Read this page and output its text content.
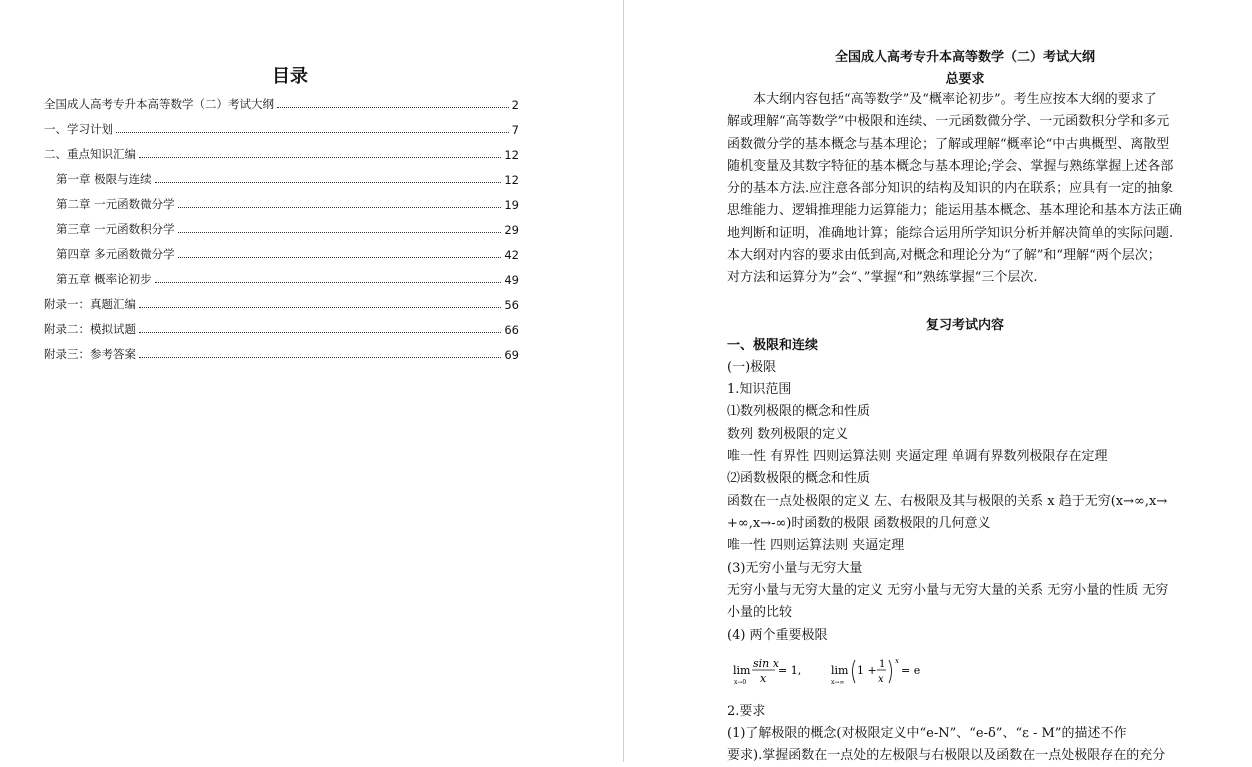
目录
全国成人高考专升本高等数学（二）考试大纲	2
一、学习计划	7
二、重点知识汇编	12
第一章 极限与连续	12
第二章 一元函数微分学	19
第三章 一元函数积分学	29
第四章 多元函数微分学	42
第五章 概率论初步	49
附录一：真题汇编	56
附录二：模拟试题	66
附录三：参考答案	69
全国成人高考专升本高等数学（二）考试大纲
总要求
本大纲内容包括“高等数学”及“概率论初步”。考生应按本大纲的要求了
解或理解“高等数学”中极限和连续、一元函数微分学、一元函数积分学和多元
函数微分学的基本概念与基本理论；了解或理解“概率论“中古典概型、离散型
随机变量及其数字特征的基本概念与基本理论;学会、掌握与熟练掌握上述各部
分的基本方法.应注意各部分知识的结构及知识的内在联系；应具有一定的抽象
思维能力、逻辑推理能力运算能力；能运用基本概念、基本理论和基本方法正确
地判断和证明，准确地计算；能综合运用所学知识分析并解决简单的实际问题.
本大纲对内容的要求由低到高,对概念和理论分为“了解”和“理解“两个层次；
对方法和运算分为”会“、”掌握“和”熟练掌握“三个层次.
复习考试内容
一、极限和连续
(一)极限
1.知识范围
⑴数列极限的概念和性质
数列 数列极限的定义
唯一性 有界性 四则运算法则 夹逼定理 单调有界数列极限存在定理
⑵函数极限的概念和性质
函数在一点处极限的定义 左、右极限及其与极限的关系 x 趋于无穷(x→∞,x→
+∞,x→-∞)时函数的极限 函数极限的几何意义
唯一性 四则运算法则 夹逼定理
(3)无穷小量与无穷大量
无穷小量与无穷大量的定义 无穷小量与无穷大量的关系 无穷小量的性质 无穷
小量的比较
(4) 两个重要极限
lim
x→0
sin x
x
= 1,	lim
x→∞
1 + 1
x
x
= e
2.要求
(1)了解极限的概念(对极限定义中“e-N”、“e-δ”、“ε - M”的描述不作
要求).掌握函数在一点处的左极限与右极限以及函数在一点处极限存在的充分
